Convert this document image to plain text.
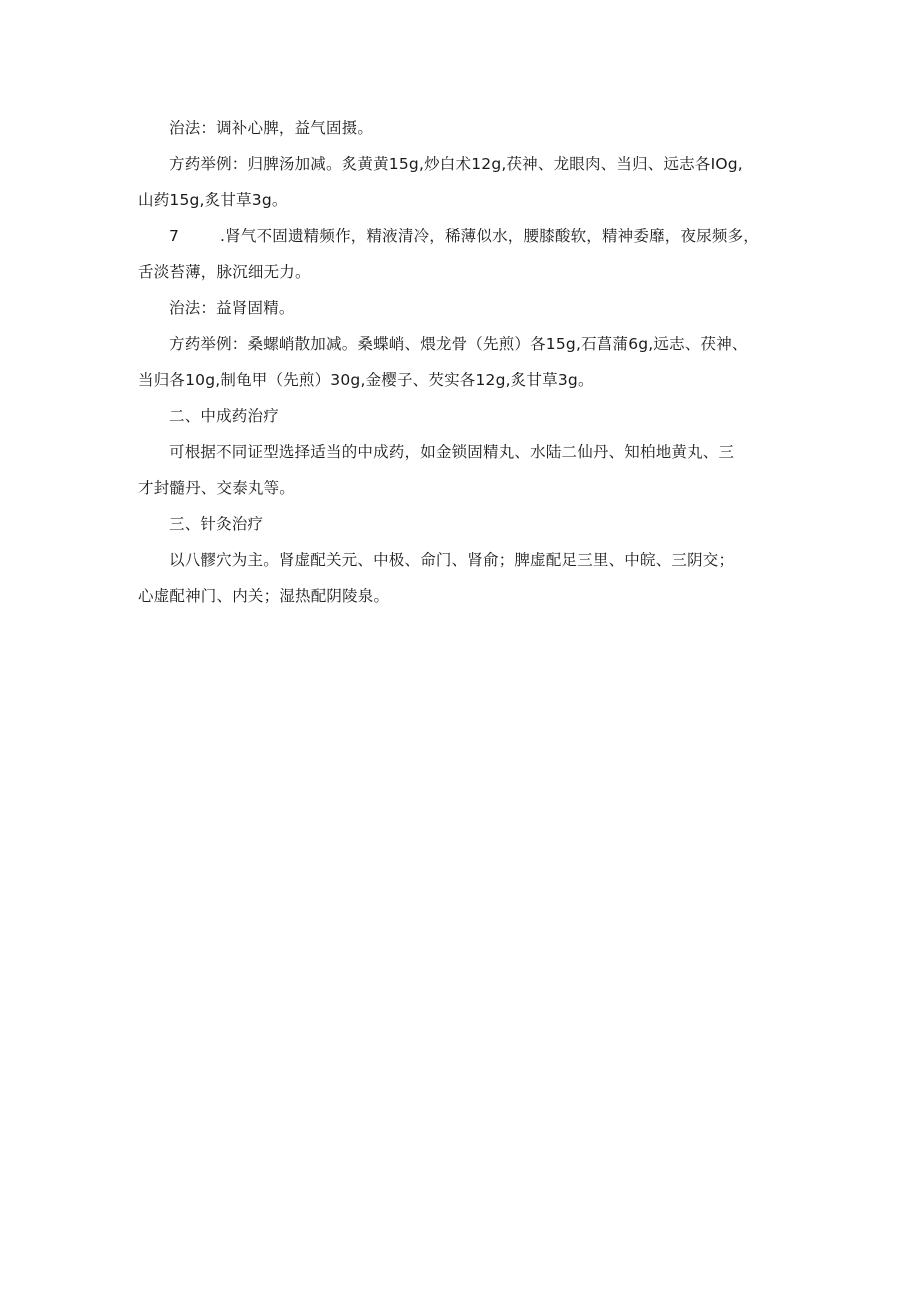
治法：调补心脾，益气固摄。

方药举例：归脾汤加减。炙黄黄15g,炒白术12g,茯神、龙眼肉、当归、远志各IOg,
山药15g,炙甘草3g。

7	.肾气不固遗精频作，精液清冷，稀薄似水，腰膝酸软，精神委靡，夜尿频多，
舌淡苔薄，脉沉细无力。

治法：益肾固精。

方药举例：桑螺峭散加减。桑蝶峭、煨龙骨（先煎）各15g,石菖蒲6g,远志、茯神、
当归各10g,制龟甲（先煎）30g,金樱子、芡实各12g,炙甘草3g。

二、中成药治疗

可根据不同证型选择适当的中成药，如金锁固精丸、水陆二仙丹、知柏地黄丸、三
才封髓丹、交泰丸等。

三、针灸治疗

以八髎穴为主。肾虚配关元、中极、命门、肾俞；脾虚配足三里、中皖、三阴交；
心虚配神门、内关；湿热配阴陵泉。
